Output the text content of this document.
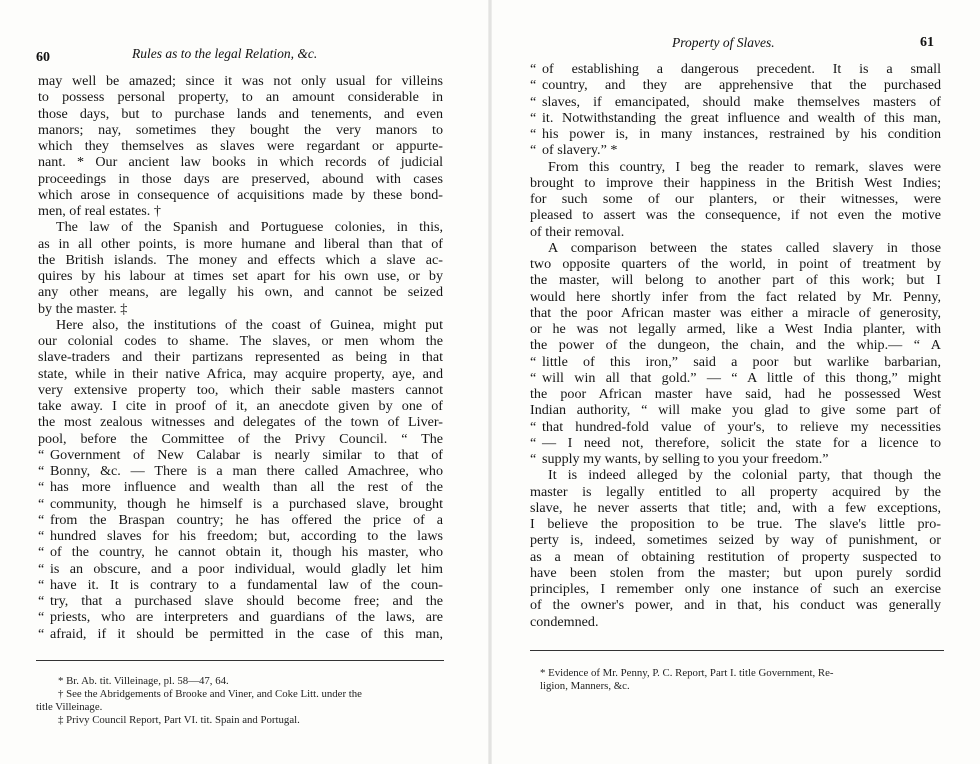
60	Rules as to the legal Relation, &c.
may well be amazed; since it was not only usual for villeins
to possess personal property, to an amount considerable in
those days, but to purchase lands and tenements, and even
manors; nay, sometimes they bought the very manors to
which they themselves as slaves were regardant or appurte-
nant. * Our ancient law books in which records of judicial
proceedings in those days are preserved, abound with cases
which arose in consequence of acquisitions made by these bond-
men, of real estates. †
The law of the Spanish and Portuguese colonies, in this,
as in all other points, is more humane and liberal than that of
the British islands. The money and effects which a slave ac-
quires by his labour at times set apart for his own use, or by
any other means, are legally his own, and cannot be seized
by the master. ‡
Here also, the institutions of the coast of Guinea, might put
our colonial codes to shame. The slaves, or men whom the
slave-traders and their partizans represented as being in that
state, while in their native Africa, may acquire property, aye, and
very extensive property too, which their sable masters cannot
take away. I cite in proof of it, an anecdote given by one of
the most zealous witnesses and delegates of the town of Liver-
pool, before the Committee of the Privy Council. “ The
“ Government of New Calabar is nearly similar to that of
“ Bonny, &c. — There is a man there called Amachree, who
“ has more influence and wealth than all the rest of the
“ community, though he himself is a purchased slave, brought
“ from the Braspan country; he has offered the price of a
“ hundred slaves for his freedom; but, according to the laws
“ of the country, he cannot obtain it, though his master, who
“ is an obscure, and a poor individual, would gladly let him
“ have it. It is contrary to a fundamental law of the coun-
“ try, that a purchased slave should become free; and the
“ priests, who are interpreters and guardians of the laws, are
“ afraid, if it should be permitted in the case of this man,
* Br. Ab. tit. Villeinage, pl. 58—47, 64.
† See the Abridgements of Brooke and Viner, and Coke Litt. under the
title Villeinage.
‡ Privy Council Report, Part VI. tit. Spain and Portugal.
Property of Slaves.	61
“ of establishing a dangerous precedent. It is a small
“ country, and they are apprehensive that the purchased
“ slaves, if emancipated, should make themselves masters of
“ it. Notwithstanding the great influence and wealth of this man,
“ his power is, in many instances, restrained by his condition
“ of slavery.” *
From this country, I beg the reader to remark, slaves were
brought to improve their happiness in the British West Indies;
for such some of our planters, or their witnesses, were
pleased to assert was the consequence, if not even the motive
of their removal.
A comparison between the states called slavery in those
two opposite quarters of the world, in point of treatment by
the master, will belong to another part of this work; but I
would here shortly infer from the fact related by Mr. Penny,
that the poor African master was either a miracle of generosity,
or he was not legally armed, like a West India planter, with
the power of the dungeon, the chain, and the whip.— “ A
“ little of this iron,” said a poor but warlike barbarian,
“ will win all that gold.” — “ A little of this thong,” might
the poor African master have said, had he possessed West
Indian authority, “ will make you glad to give some part of
“ that hundred-fold value of your's, to relieve my necessities
“ — I need not, therefore, solicit the state for a licence to
“ supply my wants, by selling to you your freedom.”
It is indeed alleged by the colonial party, that though the
master is legally entitled to all property acquired by the
slave, he never asserts that title; and, with a few exceptions,
I believe the proposition to be true. The slave's little pro-
perty is, indeed, sometimes seized by way of punishment, or
as a mean of obtaining restitution of property suspected to
have been stolen from the master; but upon purely sordid
principles, I remember only one instance of such an exercise
of the owner's power, and in that, his conduct was generally
condemned.
* Evidence of Mr. Penny, P. C. Report, Part I. title Government, Re-
ligion, Manners, &c.
